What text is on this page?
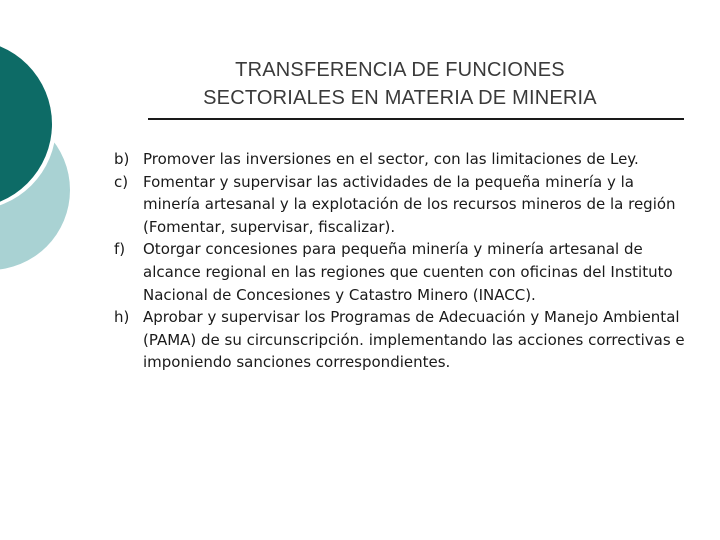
TRANSFERENCIA DE FUNCIONES
SECTORIALES EN MATERIA DE MINERIA
b) Promover las inversiones en el sector, con las limitaciones de Ley.
c) Fomentar y supervisar las actividades de la pequeña minería y la minería artesanal y la explotación de los recursos mineros de la región (Fomentar, supervisar, fiscalizar).
f)	Otorgar concesiones para pequeña minería y minería artesanal de alcance regional en las regiones que cuenten con oficinas del Instituto Nacional de Concesiones y Catastro Minero (INACC).
h) Aprobar y supervisar los Programas de Adecuación y Manejo Ambiental (PAMA) de su circunscripción. implementando las acciones correctivas e imponiendo sanciones correspondientes.
